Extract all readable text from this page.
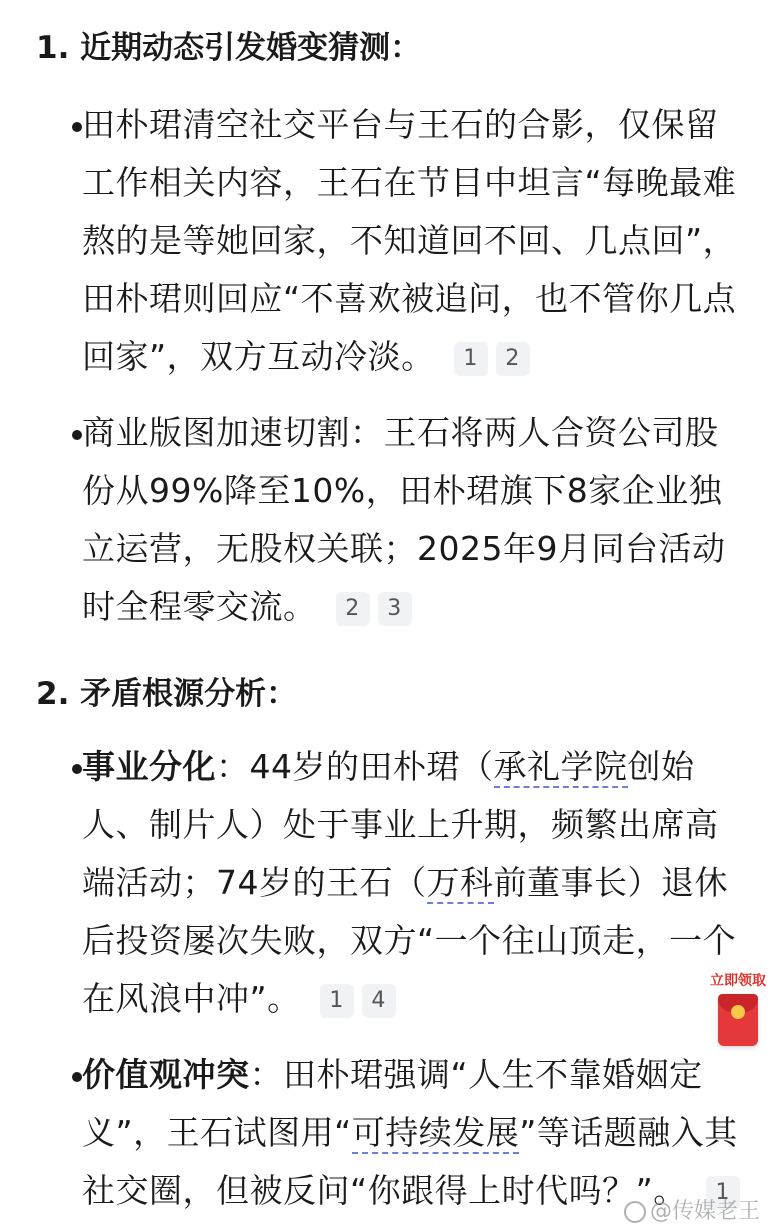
1. 近期动态引发婚变猜测：
田朴珺清空社交平台与王石的合影，仅保留工作相关内容，王石在节目中坦言“每晚最难熬的是等她回家，不知道回不回、几点回”，田朴珺则回应“不喜欢被追问，也不管你几点回家”，双方互动冷淡。 1 2
商业版图加速切割：王石将两人合资公司股份从99%降至10%，田朴珺旗下8家企业独立运营，无股权关联；2025年9月同台活动时全程零交流。 2 3
2. 矛盾根源分析：
事业分化：44岁的田朴珺（承礼学院创始人、制片人）处于事业上升期，频繁出席高端活动；74岁的王石（万科前董事长）退休后投资屡次失败，双方“一个往山顶走，一个在风浪中冲”。 1 4
价值观冲突：田朴珺强调“人生不靠婚姻定义”，王石试图用“可持续发展”等话题融入其社交圈，但被反问“你跟得上时代吗？”。 1
立即领取
@传媒老王
